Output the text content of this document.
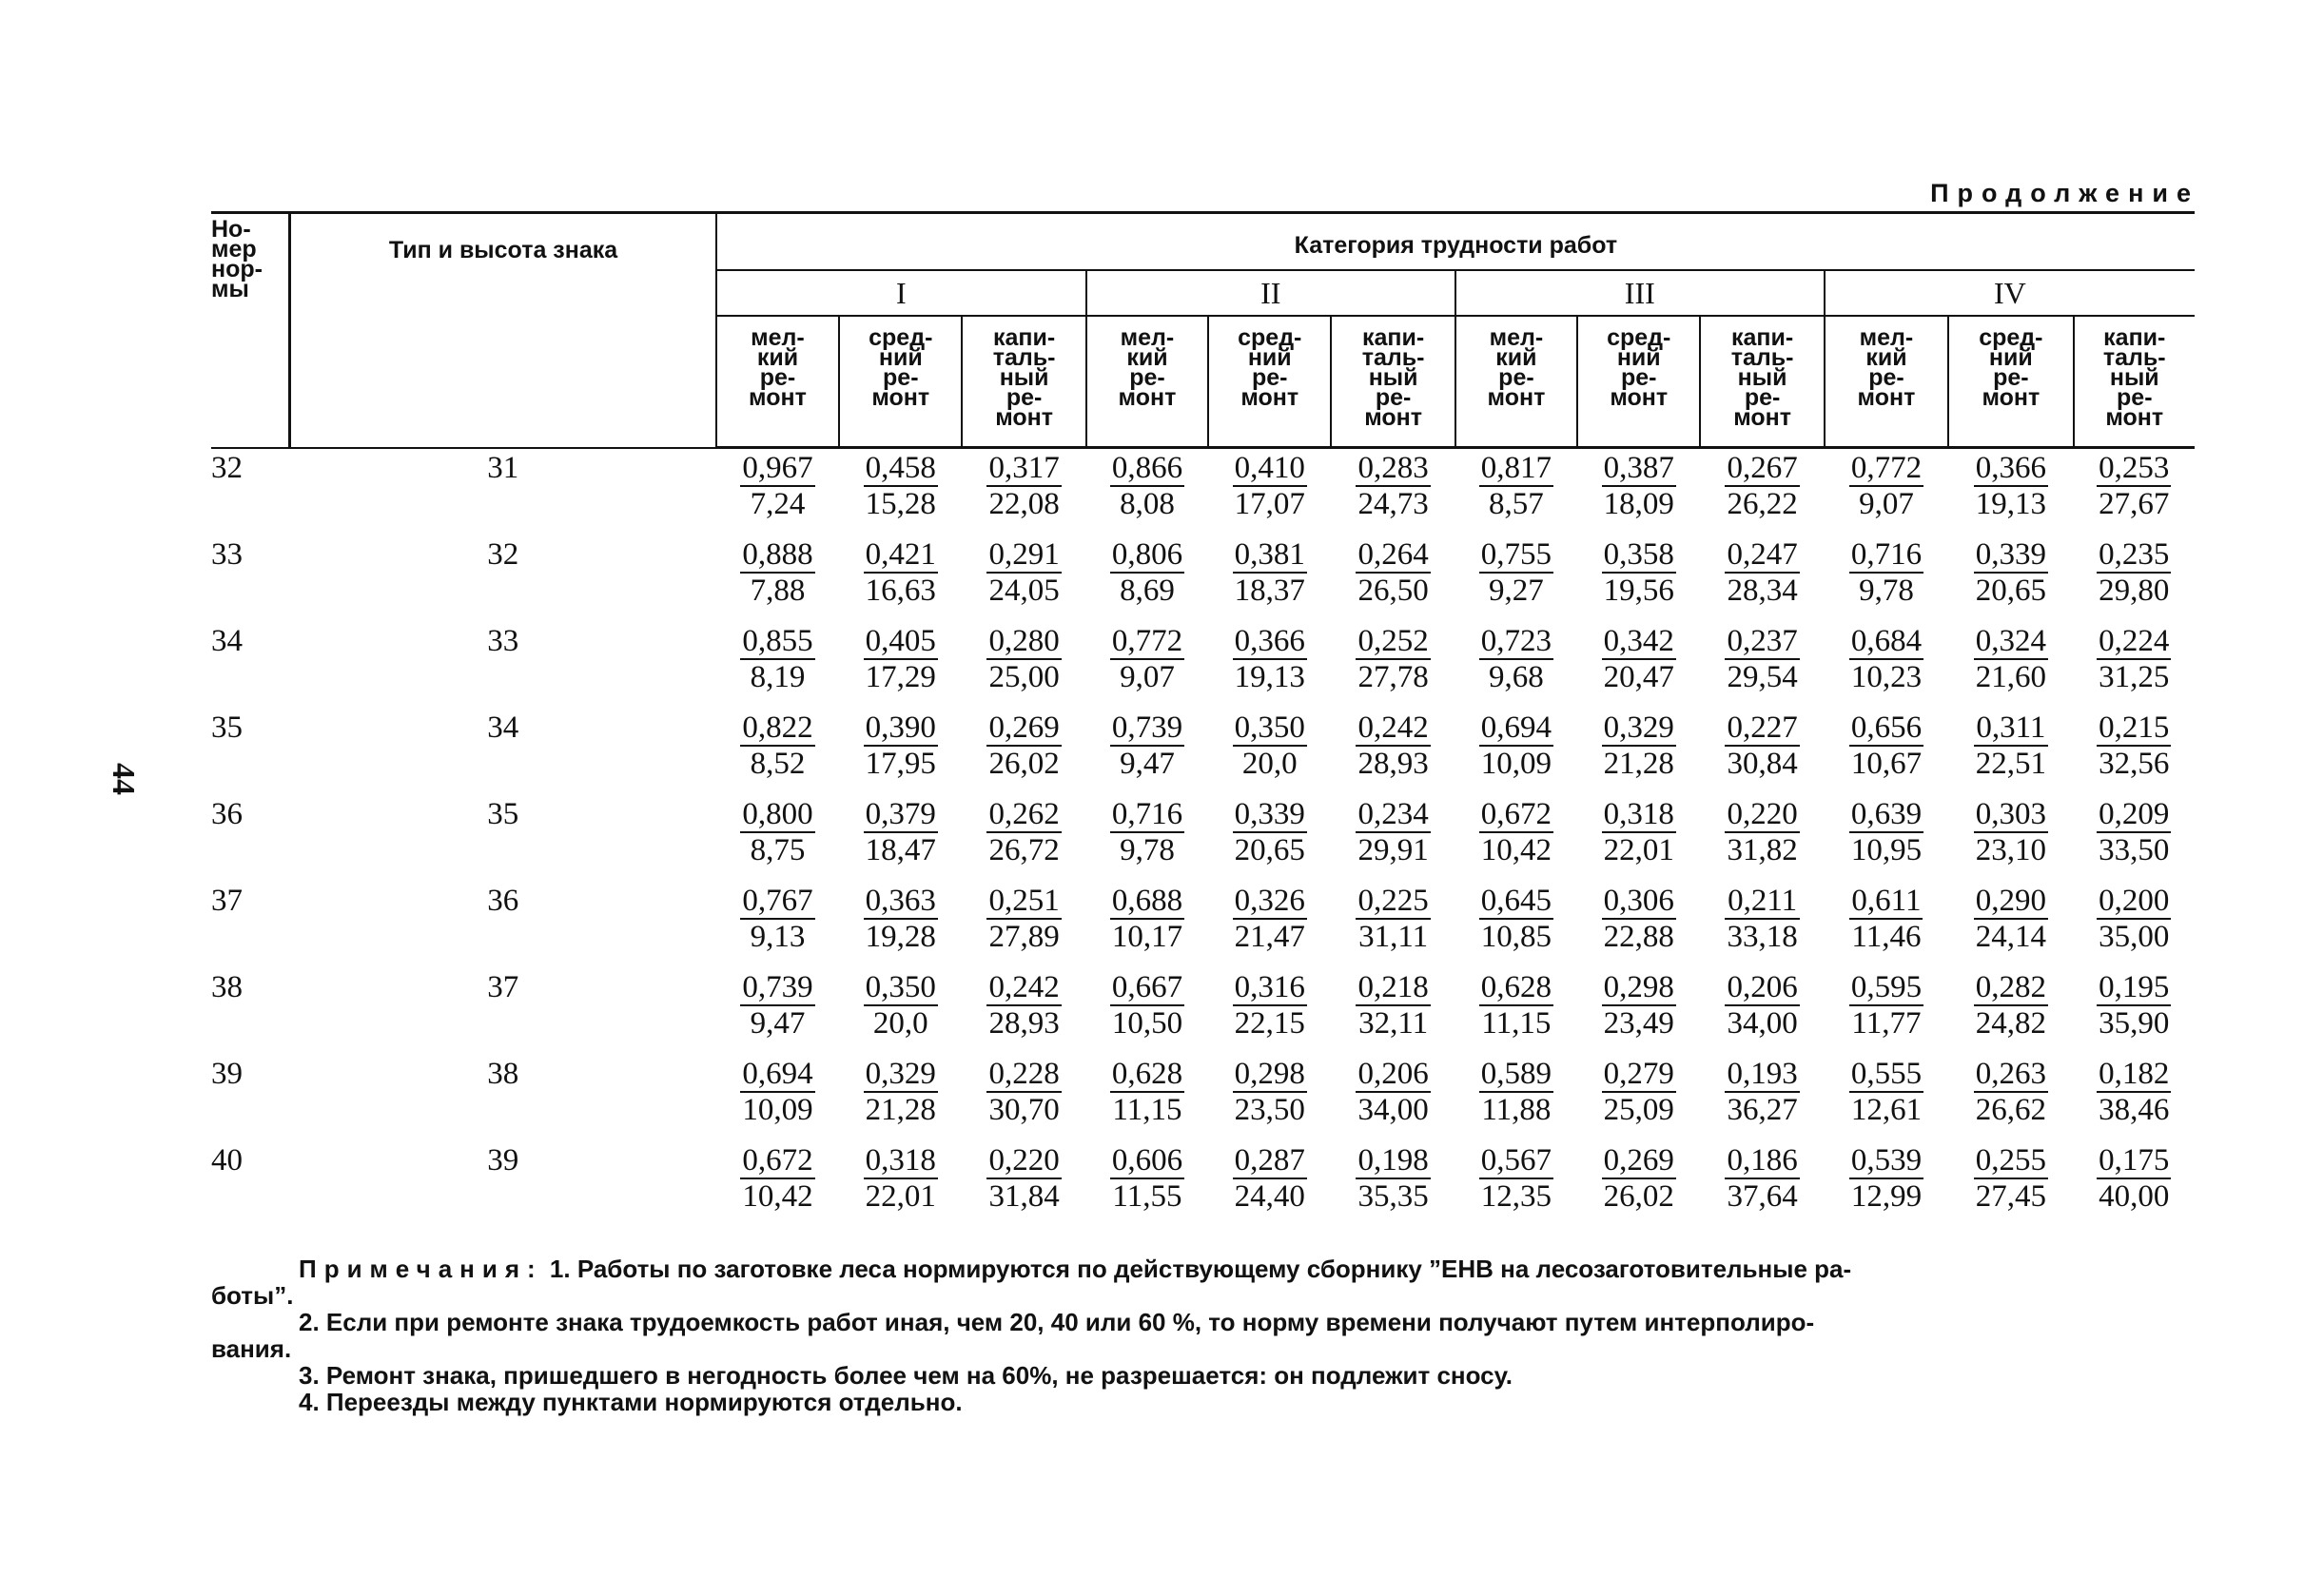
44
Продолжение
Но-
мер
нор-
мы	Тип и высота знака	Категория трудности работ											
		I			II			III			IV		
		мел-
кий
ре-
монт	сред-
ний
ре-
монт	капи-
таль-
ный
ре-
монт	мел-
кий
ре-
монт	сред-
ний
ре-
монт	капи-
таль-
ный
ре-
монт	мел-
кий
ре-
монт	сред-
ний
ре-
монт	капи-
таль-
ный
ре-
монт	мел-
кий
ре-
монт	сред-
ний
ре-
монт	капи-
таль-
ный
ре-
монт
32	31	$\frac{0,967}{7,24}$	$\frac{0,458}{15,28}$	$\frac{0,317}{22,08}$	$\frac{0,866}{8,08}$	$\frac{0,410}{17,07}$	$\frac{0,283}{24,73}$	$\frac{0,817}{8,57}$	$\frac{0,387}{18,09}$	$\frac{0,267}{26,22}$	$\frac{0,772}{9,07}$	$\frac{0,366}{19,13}$	$\frac{0,253}{27,67}$

33	32	$\frac{0,888}{7,88}$	$\frac{0,421}{16,63}$	$\frac{0,291}{24,05}$	$\frac{0,806}{8,69}$	$\frac{0,381}{18,37}$	$\frac{0,264}{26,50}$	$\frac{0,755}{9,27}$	$\frac{0,358}{19,56}$	$\frac{0,247}{28,34}$	$\frac{0,716}{9,78}$	$\frac{0,339}{20,65}$	$\frac{0,235}{29,80}$

34	33	$\frac{0,855}{8,19}$	$\frac{0,405}{17,29}$	$\frac{0,280}{25,00}$	$\frac{0,772}{9,07}$	$\frac{0,366}{19,13}$	$\frac{0,252}{27,78}$	$\frac{0,723}{9,68}$	$\frac{0,342}{20,47}$	$\frac{0,237}{29,54}$	$\frac{0,684}{10,23}$	$\frac{0,324}{21,60}$	$\frac{0,224}{31,25}$

35	34	$\frac{0,822}{8,52}$	$\frac{0,390}{17,95}$	$\frac{0,269}{26,02}$	$\frac{0,739}{9,47}$	$\frac{0,350}{20,0}$	$\frac{0,242}{28,93}$	$\frac{0,694}{10,09}$	$\frac{0,329}{21,28}$	$\frac{0,227}{30,84}$	$\frac{0,656}{10,67}$	$\frac{0,311}{22,51}$	$\frac{0,215}{32,56}$

36	35	$\frac{0,800}{8,75}$	$\frac{0,379}{18,47}$	$\frac{0,262}{26,72}$	$\frac{0,716}{9,78}$	$\frac{0,339}{20,65}$	$\frac{0,234}{29,91}$	$\frac{0,672}{10,42}$	$\frac{0,318}{22,01}$	$\frac{0,220}{31,82}$	$\frac{0,639}{10,95}$	$\frac{0,303}{23,10}$	$\frac{0,209}{33,50}$

37	36	$\frac{0,767}{9,13}$	$\frac{0,363}{19,28}$	$\frac{0,251}{27,89}$	$\frac{0,688}{10,17}$	$\frac{0,326}{21,47}$	$\frac{0,225}{31,11}$	$\frac{0,645}{10,85}$	$\frac{0,306}{22,88}$	$\frac{0,211}{33,18}$	$\frac{0,611}{11,46}$	$\frac{0,290}{24,14}$	$\frac{0,200}{35,00}$

38	37	$\frac{0,739}{9,47}$	$\frac{0,350}{20,0}$	$\frac{0,242}{28,93}$	$\frac{0,667}{10,50}$	$\frac{0,316}{22,15}$	$\frac{0,218}{32,11}$	$\frac{0,628}{11,15}$	$\frac{0,298}{23,49}$	$\frac{0,206}{34,00}$	$\frac{0,595}{11,77}$	$\frac{0,282}{24,82}$	$\frac{0,195}{35,90}$

39	38	$\frac{0,694}{10,09}$	$\frac{0,329}{21,28}$	$\frac{0,228}{30,70}$	$\frac{0,628}{11,15}$	$\frac{0,298}{23,50}$	$\frac{0,206}{34,00}$	$\frac{0,589}{11,88}$	$\frac{0,279}{25,09}$	$\frac{0,193}{36,27}$	$\frac{0,555}{12,61}$	$\frac{0,263}{26,62}$	$\frac{0,182}{38,46}$

40	39	$\frac{0,672}{10,42}$	$\frac{0,318}{22,01}$	$\frac{0,220}{31,84}$	$\frac{0,606}{11,55}$	$\frac{0,287}{24,40}$	$\frac{0,198}{35,35}$	$\frac{0,567}{12,35}$	$\frac{0,269}{26,02}$	$\frac{0,186}{37,64}$	$\frac{0,539}{12,99}$	$\frac{0,255}{27,45}$	$\frac{0,175}{40,00}$

Примечания: 1. Работы по заготовке леса нормируются по действующему сборнику ”ЕНВ на лесозаготовительные ра-

боты”.

2. Если при ремонте знака трудоемкость работ иная, чем 20, 40 или 60 %, то норму времени получают путем интерполиро-

вания.

3. Ремонт знака, пришедшего в негодность более чем на 60%, не разрешается: он подлежит сносу.

4. Переезды между пунктами нормируются отдельно.
